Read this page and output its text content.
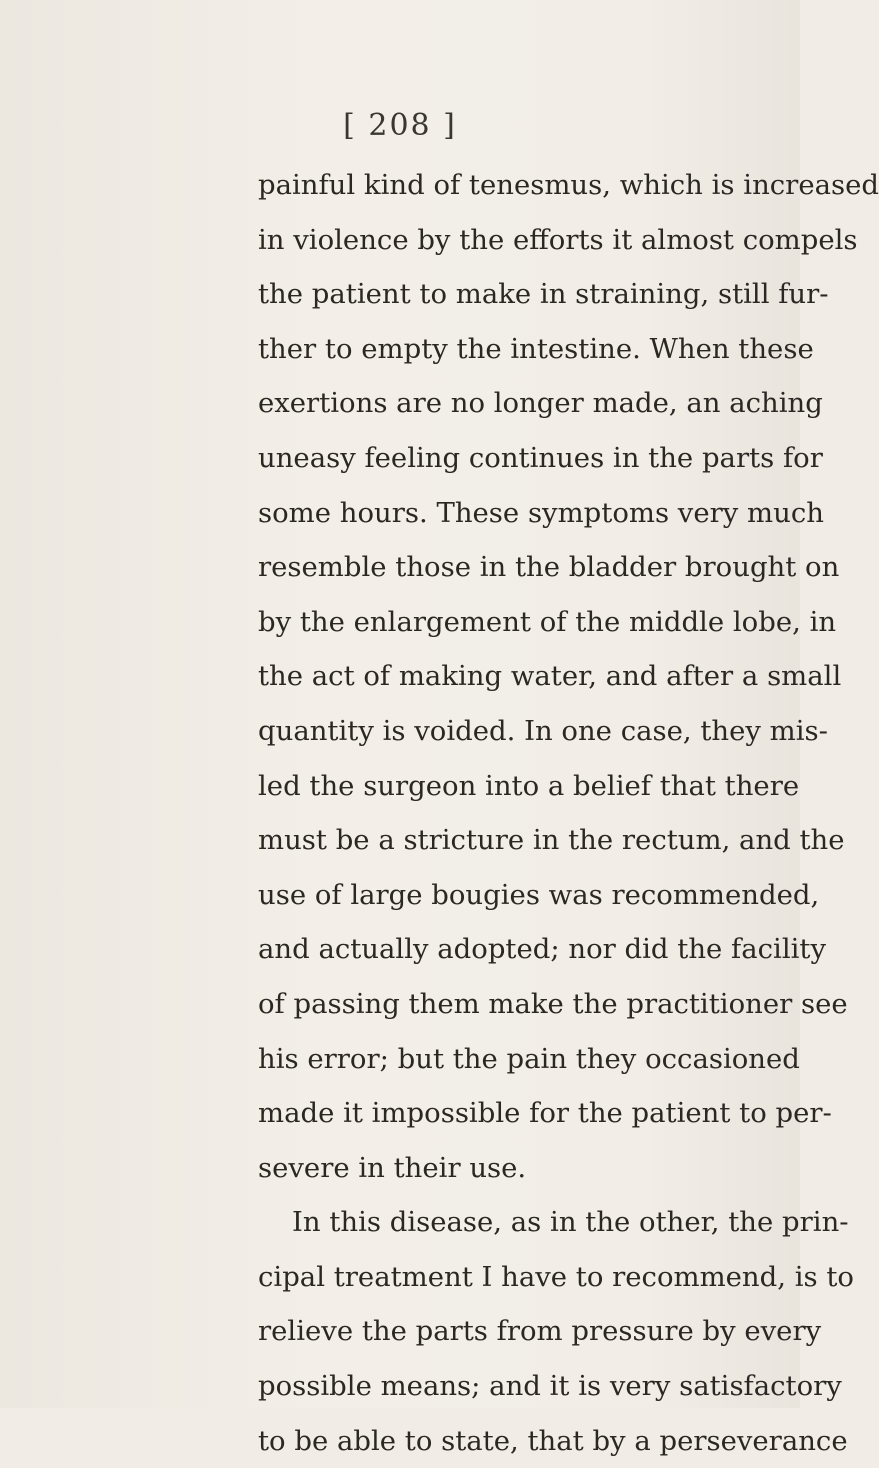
[ 208 ]
painful kind of tenesmus, which is increased
in violence by the efforts it almost compels
the patient to make in straining, still fur-
ther to empty the intestine. When these
exertions are no longer made, an aching
uneasy feeling continues in the parts for
some hours. These symptoms very much
resemble those in the bladder brought on
by the enlargement of the middle lobe, in
the act of making water, and after a small
quantity is voided. In one case, they mis-
led the surgeon into a belief that there
must be a stricture in the rectum, and the
use of large bougies was recommended,
and actually adopted; nor did the facility
of passing them make the practitioner see
his error; but the pain they occasioned
made it impossible for the patient to per-
severe in their use.
In this disease, as in the other, the prin-
cipal treatment I have to recommend, is to
relieve the parts from pressure by every
possible means; and it is very satisfactory
to be able to state, that by a perseverance
